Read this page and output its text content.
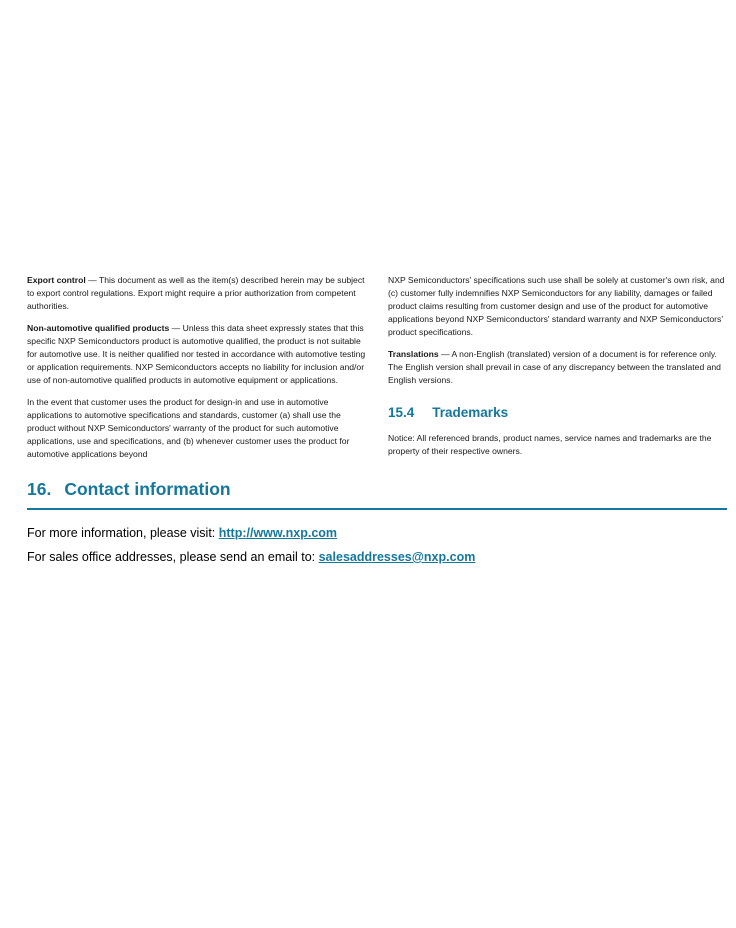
Export control — This document as well as the item(s) described herein may be subject to export control regulations. Export might require a prior authorization from competent authorities.

Non-automotive qualified products — Unless this data sheet expressly states that this specific NXP Semiconductors product is automotive qualified, the product is not suitable for automotive use. It is neither qualified nor tested in accordance with automotive testing or application requirements. NXP Semiconductors accepts no liability for inclusion and/or use of non-automotive qualified products in automotive equipment or applications.

In the event that customer uses the product for design-in and use in automotive applications to automotive specifications and standards, customer (a) shall use the product without NXP Semiconductors' warranty of the product for such automotive applications, use and specifications, and (b) whenever customer uses the product for automotive applications beyond

NXP Semiconductors' specifications such use shall be solely at customer's own risk, and (c) customer fully indemnifies NXP Semiconductors for any liability, damages or failed product claims resulting from customer design and use of the product for automotive applications beyond NXP Semiconductors' standard warranty and NXP Semiconductors' product specifications.

Translations — A non-English (translated) version of a document is for reference only. The English version shall prevail in case of any discrepancy between the translated and English versions.

15.4 Trademarks

Notice: All referenced brands, product names, service names and trademarks are the property of their respective owners.

16. Contact information

For more information, please visit: http://www.nxp.com

For sales office addresses, please send an email to: salesaddresses@nxp.com
